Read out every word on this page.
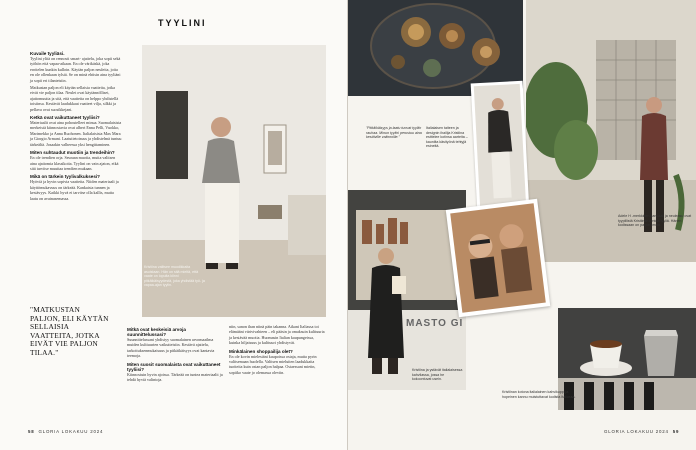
TYYLINI
Kuvaile tyyliäsi.

Tyylini ylitä on rennosti smart- ajattelu, joka sopii sekä työhön että vapaa-aikaan. En ole värikäskä, joka erottelen kunkin kulloin. Käytän paljon neuleita, joita en ole ollenkaan tylsiä. Se on minä ehtisin aina tyyliäni ja sopii eri tilanteisiin.

Matkustan paljon eli käytän sellaisia vaatteita, jotka eivät vie paljon tilaa. Neulet ovat käytännölliset, ajattomuutta ja sitä, että vaatteita on helppo yhdistellä toisiinsa. Kestävät laadukkaat vaatteet vilja, silkki ja pellava ovat suosikkejani.

Ketkä ovat vaikuttaneet tyyliisi?

Materiaalit ovat aina pohoutelleet minua. Suomalaisista merkeistä kiinnostavia ovat albert Enna Pelli, Vuokko, Marimekko ja Anna Ruohonen. Italialaisista Max Mara ja Giorgio Armani. Laatutietoisuus ja yhdistelmä tuntuu tärkeältä. Josaakin valheessa yksi hengittaminen.

Miten suhtaudut muotiin ja trendeihin?

En ole trendien orja. Seuraan muotia, mutta valitsen aina ajattomia klassikoita. Tyylini on vain ajaton, eikä sitä tarvitse muuttaa trendien mukaan.

Mikä on tärkein tyylivalkuksesi?

Hyöviä ja hyvin sopivia vaatteita. Niiden materiaali ja käyttömukavuus on tärkeää. Kankaista tunnen ja kestävyys. Kaikki hyvä ei tarvitse olla kallis, mutta laatu on avainasemassa.

"MATKUSTAN PALJON, ELI KÄYTÄN SELLAISIA VAATTEITA, JOTKA EIVÄT VIE PALJON TILAA."
Kristiina valitsee muodikkaita asuistaan. Hän on sitä mieltä, että vaate on lopulta kiinni pitkäikäisyydestä, joka yhdistää työ- ja vapaa-ajan tyylin.
Mitkä ovat keskeisiä arvoja suunnittelussasi?

Suunnittelussani yhdistyy suomalainen arvomaailma muiden kulttuurien vaikutteisiin. Kestävä ajattelu, tarkoituksenmukaisuus ja pitkäikäisyys ovat kantavia teemoja.

Miten suosit suomalaista ovat vaikuttaneet tyyliisi?

Kiinnostuin hyvin ajoissa. Tärkeää on tuntea materiaalit ja tehdä hyviä valintoja.

niin, sanon ihan niinä päin takanna. Aikani Italiassa toi elämääni värivivahteen – eli pääsin ja omaksuin kulttuuria ja kestävää muotia. Huomasin Italian kaupungeissa, kuinka hiljaisuus ja kulttuuri yhdistyvät.

Minkälainen shoppailija olet?

En ole kovin mielestäni kaupoissa ostaja, mutta pyrin valitsemaan huolella. Valitsen mieluiten laadukkaita tuotteita kuin ostan paljon halpaa. Ostaessani mietin, sopiiko vaate jo olemassa oleviin.

58 GLORIA LOKAKUU 2024
Adele H -merkkinen sandaali ja neuleasu ovat tyypillistä Kristiinan rentoa tyyliä. Hänen kodissaan on paljon omaa.
"Pitkäikäisyys ja laatu tuovat tyyliin rauhaa. Minun tyylini perustuu aina kestäville valinnoille."
Italialaisen taiteen ja designin ihailija Kristiina esittelee kotinsa aarteita – kauniita käsityönä tehtyjä esineitä.
MASTO GI
Kristiina ja ystävät italialaisessa kahvilassa, jossa he kokoontuvat usein.
Kristiinan kotona italialainen kahvikuppi ja hopeinen kannu muistuttavat kodista Italiassa.
GLORIA LOKAKUU 2024 59
